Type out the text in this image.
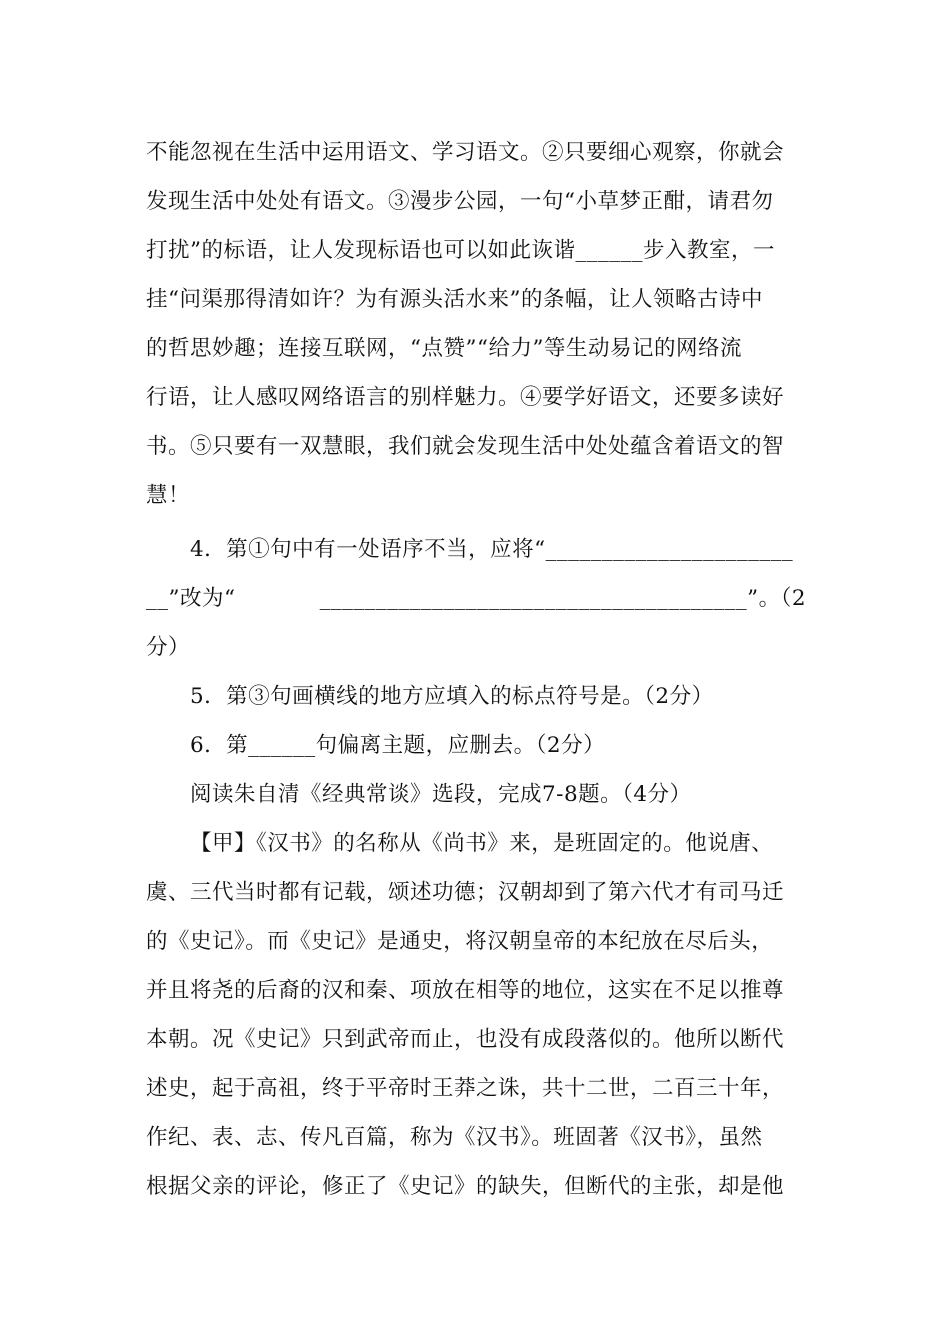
不能忽视在生活中运用语文、学习语文。②只要细心观察，你就会
发现生活中处处有语文。③漫步公园，一句“小草梦正酣，请君勿
打扰”的标语，让人发现标语也可以如此诙谐______步入教室，一
挂“问渠那得清如许？为有源头活水来”的条幅，让人领略古诗中
的哲思妙趣；连接互联网，“点赞”“给力”等生动易记的网络流
行语，让人感叹网络语言的别样魅力。④要学好语文，还要多读好
书。⑤只要有一双慧眼，我们就会发现生活中处处蕴含着语文的智
慧！
4．第①句中有一处语序不当，应将“______________________
__”改为“	______________________________________”。（2
分）
5．第③句画横线的地方应填入的标点符号是。（2分）
6．第______句偏离主题，应删去。（2分）
阅读朱自清《经典常谈》选段，完成7-8题。（4分）
【甲】《汉书》的名称从《尚书》来，是班固定的。他说唐、
虞、三代当时都有记载，颂述功德；汉朝却到了第六代才有司马迁
的《史记》。而《史记》是通史，将汉朝皇帝的本纪放在尽后头，
并且将尧的后裔的汉和秦、项放在相等的地位，这实在不足以推尊
本朝。况《史记》只到武帝而止，也没有成段落似的。他所以断代
述史，起于高祖，终于平帝时王莽之诛，共十二世，二百三十年，
作纪、表、志、传凡百篇，称为《汉书》。班固著《汉书》，虽然
根据父亲的评论，修正了《史记》的缺失，但断代的主张，却是他
